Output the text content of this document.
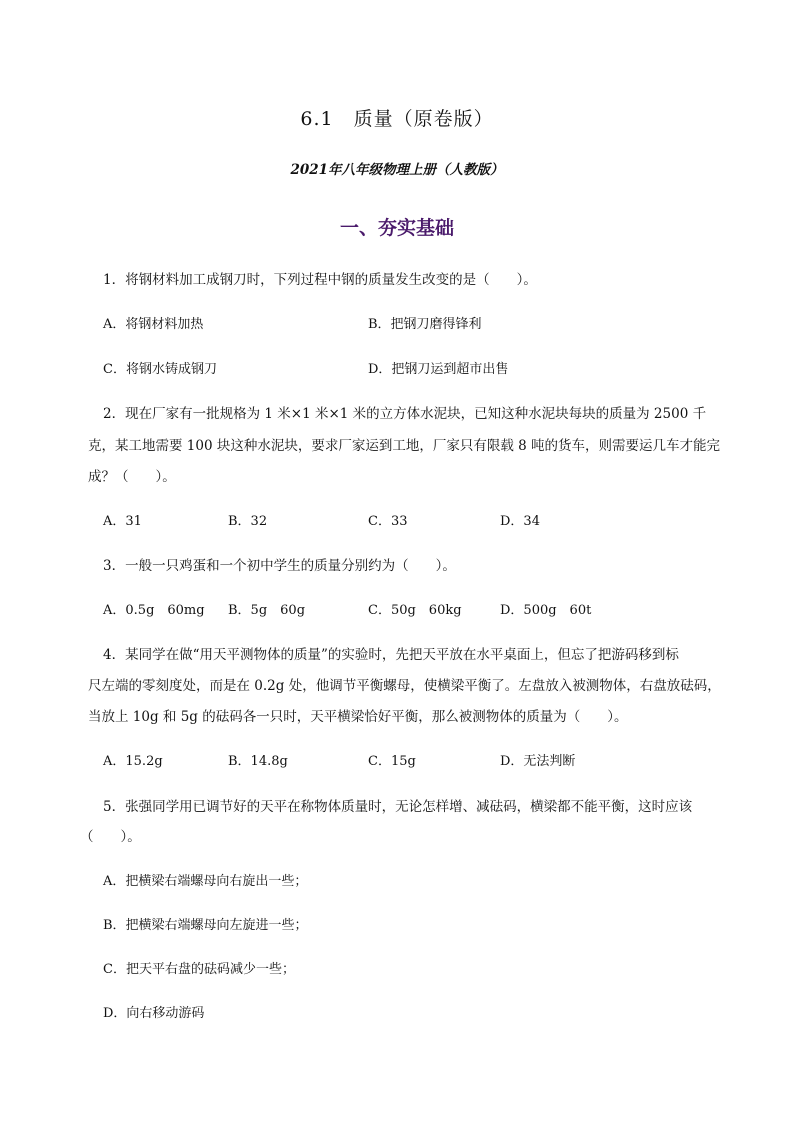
6.1　质量（原卷版）
2021年八年级物理上册（人教版）
一、夯实基础
1．将钢材料加工成钢刀时，下列过程中钢的质量发生改变的是（　　）。
A．将钢材料加热	B．把钢刀磨得锋利
C．将钢水铸成钢刀	D．把钢刀运到超市出售
2．现在厂家有一批规格为 1 米×1 米×1 米的立方体水泥块，已知这种水泥块每块的质量为 2500 千
克，某工地需要 100 块这种水泥块，要求厂家运到工地，厂家只有限载 8 吨的货车，则需要运几车才能完
成？（　　）。
A．31	B．32	C．33	D．34
3．一般一只鸡蛋和一个初中学生的质量分别约为（　　）。
A．0.5g　60mg B．5g　60g	C．50g　60kg	D．500g　60t
4．某同学在做“用天平测物体的质量”的实验时，先把天平放在水平桌面上，但忘了把游码移到标
尺左端的零刻度处，而是在 0.2g 处，他调节平衡螺母，使横梁平衡了。左盘放入被测物体，右盘放砝码，
当放上 10g 和 5g 的砝码各一只时，天平横梁恰好平衡，那么被测物体的质量为（　　）。
A．15.2g	B．14.8g	C．15g	D．无法判断
5．张强同学用已调节好的天平在称物体质量时，无论怎样增、减砝码，横梁都不能平衡，这时应该
（　　）。
A．把横梁右端螺母向右旋出一些；
B．把横梁右端螺母向左旋进一些；
C．把天平右盘的砝码减少一些；
D．向右移动游码
